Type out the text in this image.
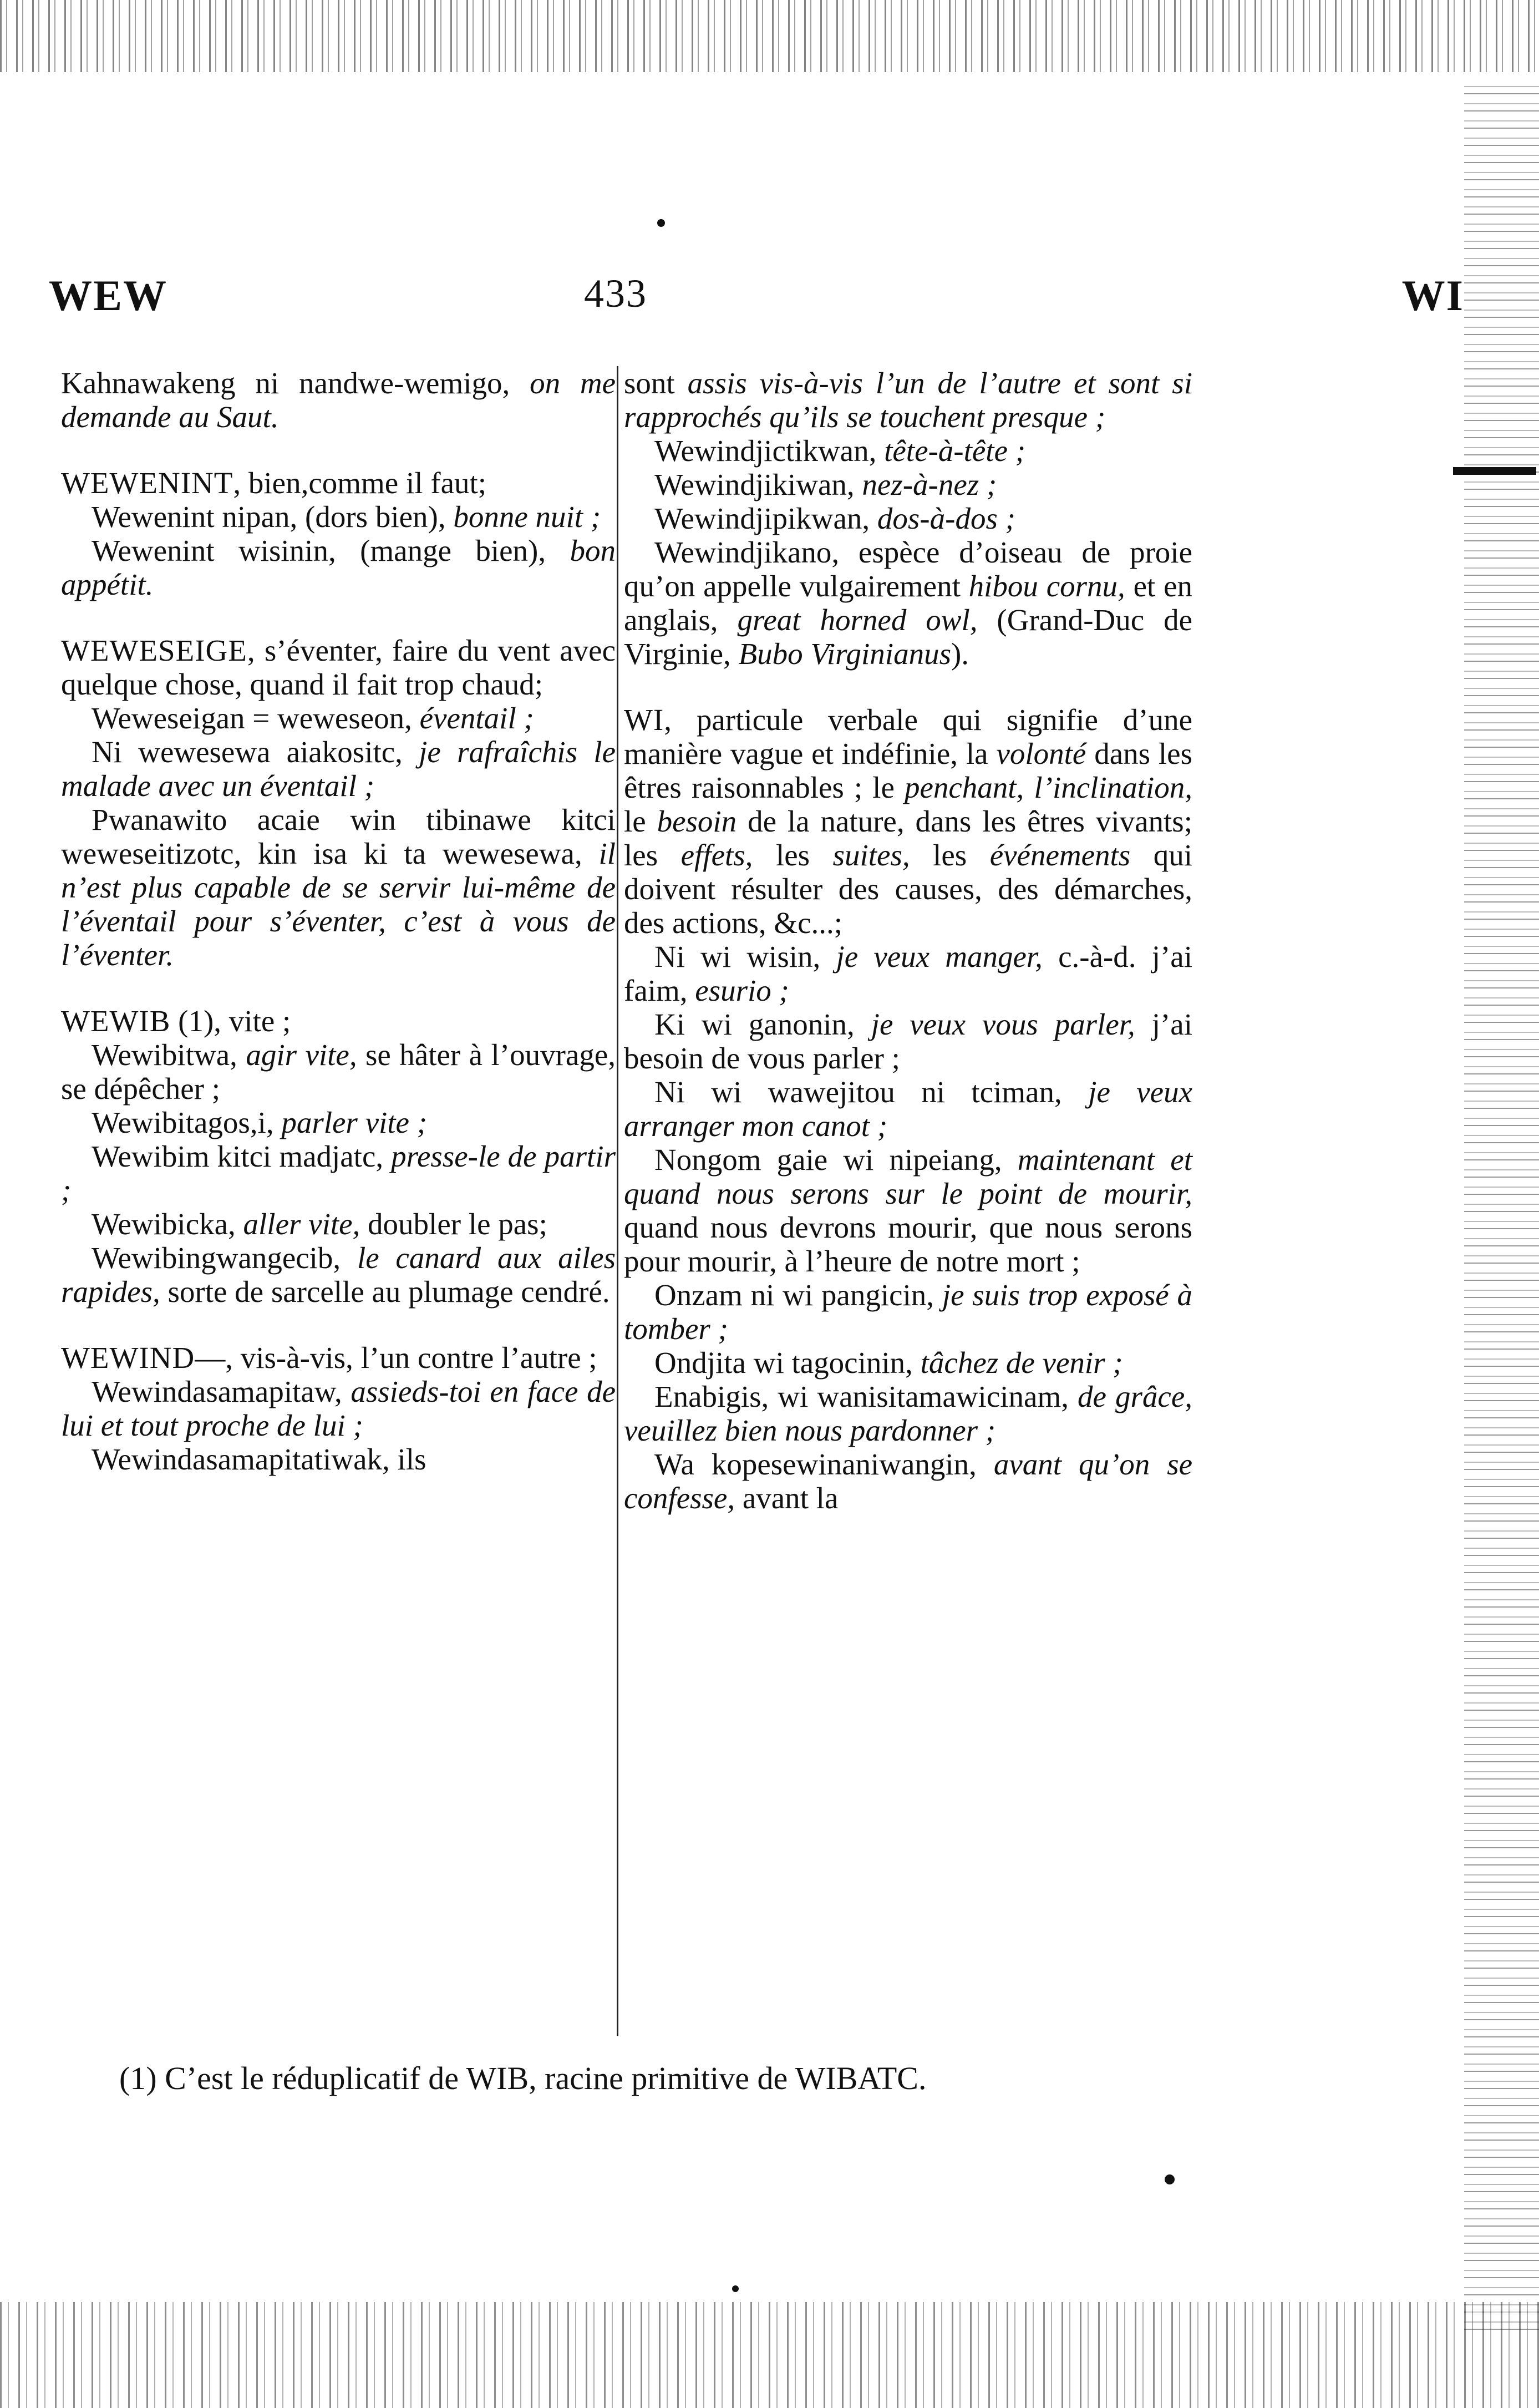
WEW	433	WI

Kahnawakeng ni nandwe-wemigo, on me demande au Saut.

WEWENINT, bien,comme il faut;

Wewenint nipan, (dors bien), bonne nuit ;

Wewenint wisinin, (mange bien), bon appétit.

WEWESEIGE, s’éventer, faire du vent avec quelque chose, quand il fait trop chaud;

Weweseigan = weweseon, éventail ;

Ni wewesewa aiakositc, je rafraîchis le malade avec un éventail ;

Pwanawito acaie win tibinawe kitci weweseitizotc, kin isa ki ta wewesewa, il n’est plus capable de se servir lui-même de l’éventail pour s’éventer, c’est à vous de l’éventer.

WEWIB (1), vite ;

Wewibitwa, agir vite, se hâter à l’ouvrage, se dépêcher ;

Wewibitagos,i, parler vite ;

Wewibim kitci madjatc, presse-le de partir ;

Wewibicka, aller vite, doubler le pas;

Wewibingwangecib, le canard aux ailes rapides, sorte de sarcelle au plumage cendré.

WEWIND—, vis-à-vis, l’un contre l’autre ;

Wewindasamapitaw, assieds-toi en face de lui et tout proche de lui ;

Wewindasamapitatiwak, ils

sont assis vis-à-vis l’un de l’autre et sont si rapprochés qu’ils se touchent presque ;

Wewindjictikwan, tête-à-tête ;

Wewindjikiwan, nez-à-nez ;

Wewindjipikwan, dos-à-dos ;

Wewindjikano, espèce d’oiseau de proie qu’on appelle vulgairement hibou cornu, et en anglais, great horned owl, (Grand-Duc de Virginie, Bubo Virginianus).

WI, particule verbale qui signifie d’une manière vague et indéfinie, la volonté dans les êtres raisonnables ; le penchant, l’inclination, le besoin de la nature, dans les êtres vivants; les effets, les suites, les événements qui doivent résulter des causes, des démarches, des actions, &c...;

Ni wi wisin, je veux manger, c.-à-d. j’ai faim, esurio ;

Ki wi ganonin, je veux vous parler, j’ai besoin de vous parler ;

Ni wi wawejitou ni tciman, je veux arranger mon canot ;

Nongom gaie wi nipeiang, maintenant et quand nous serons sur le point de mourir, quand nous devrons mourir, que nous serons pour mourir, à l’heure de notre mort ;

Onzam ni wi pangicin, je suis trop exposé à tomber ;

Ondjita wi tagocinin, tâchez de venir ;

Enabigis, wi wanisitamawicinam, de grâce, veuillez bien nous pardonner ;

Wa kopesewinaniwangin, avant qu’on se confesse, avant la

(1) C’est le réduplicatif de WIB, racine primitive de WIBATC.
